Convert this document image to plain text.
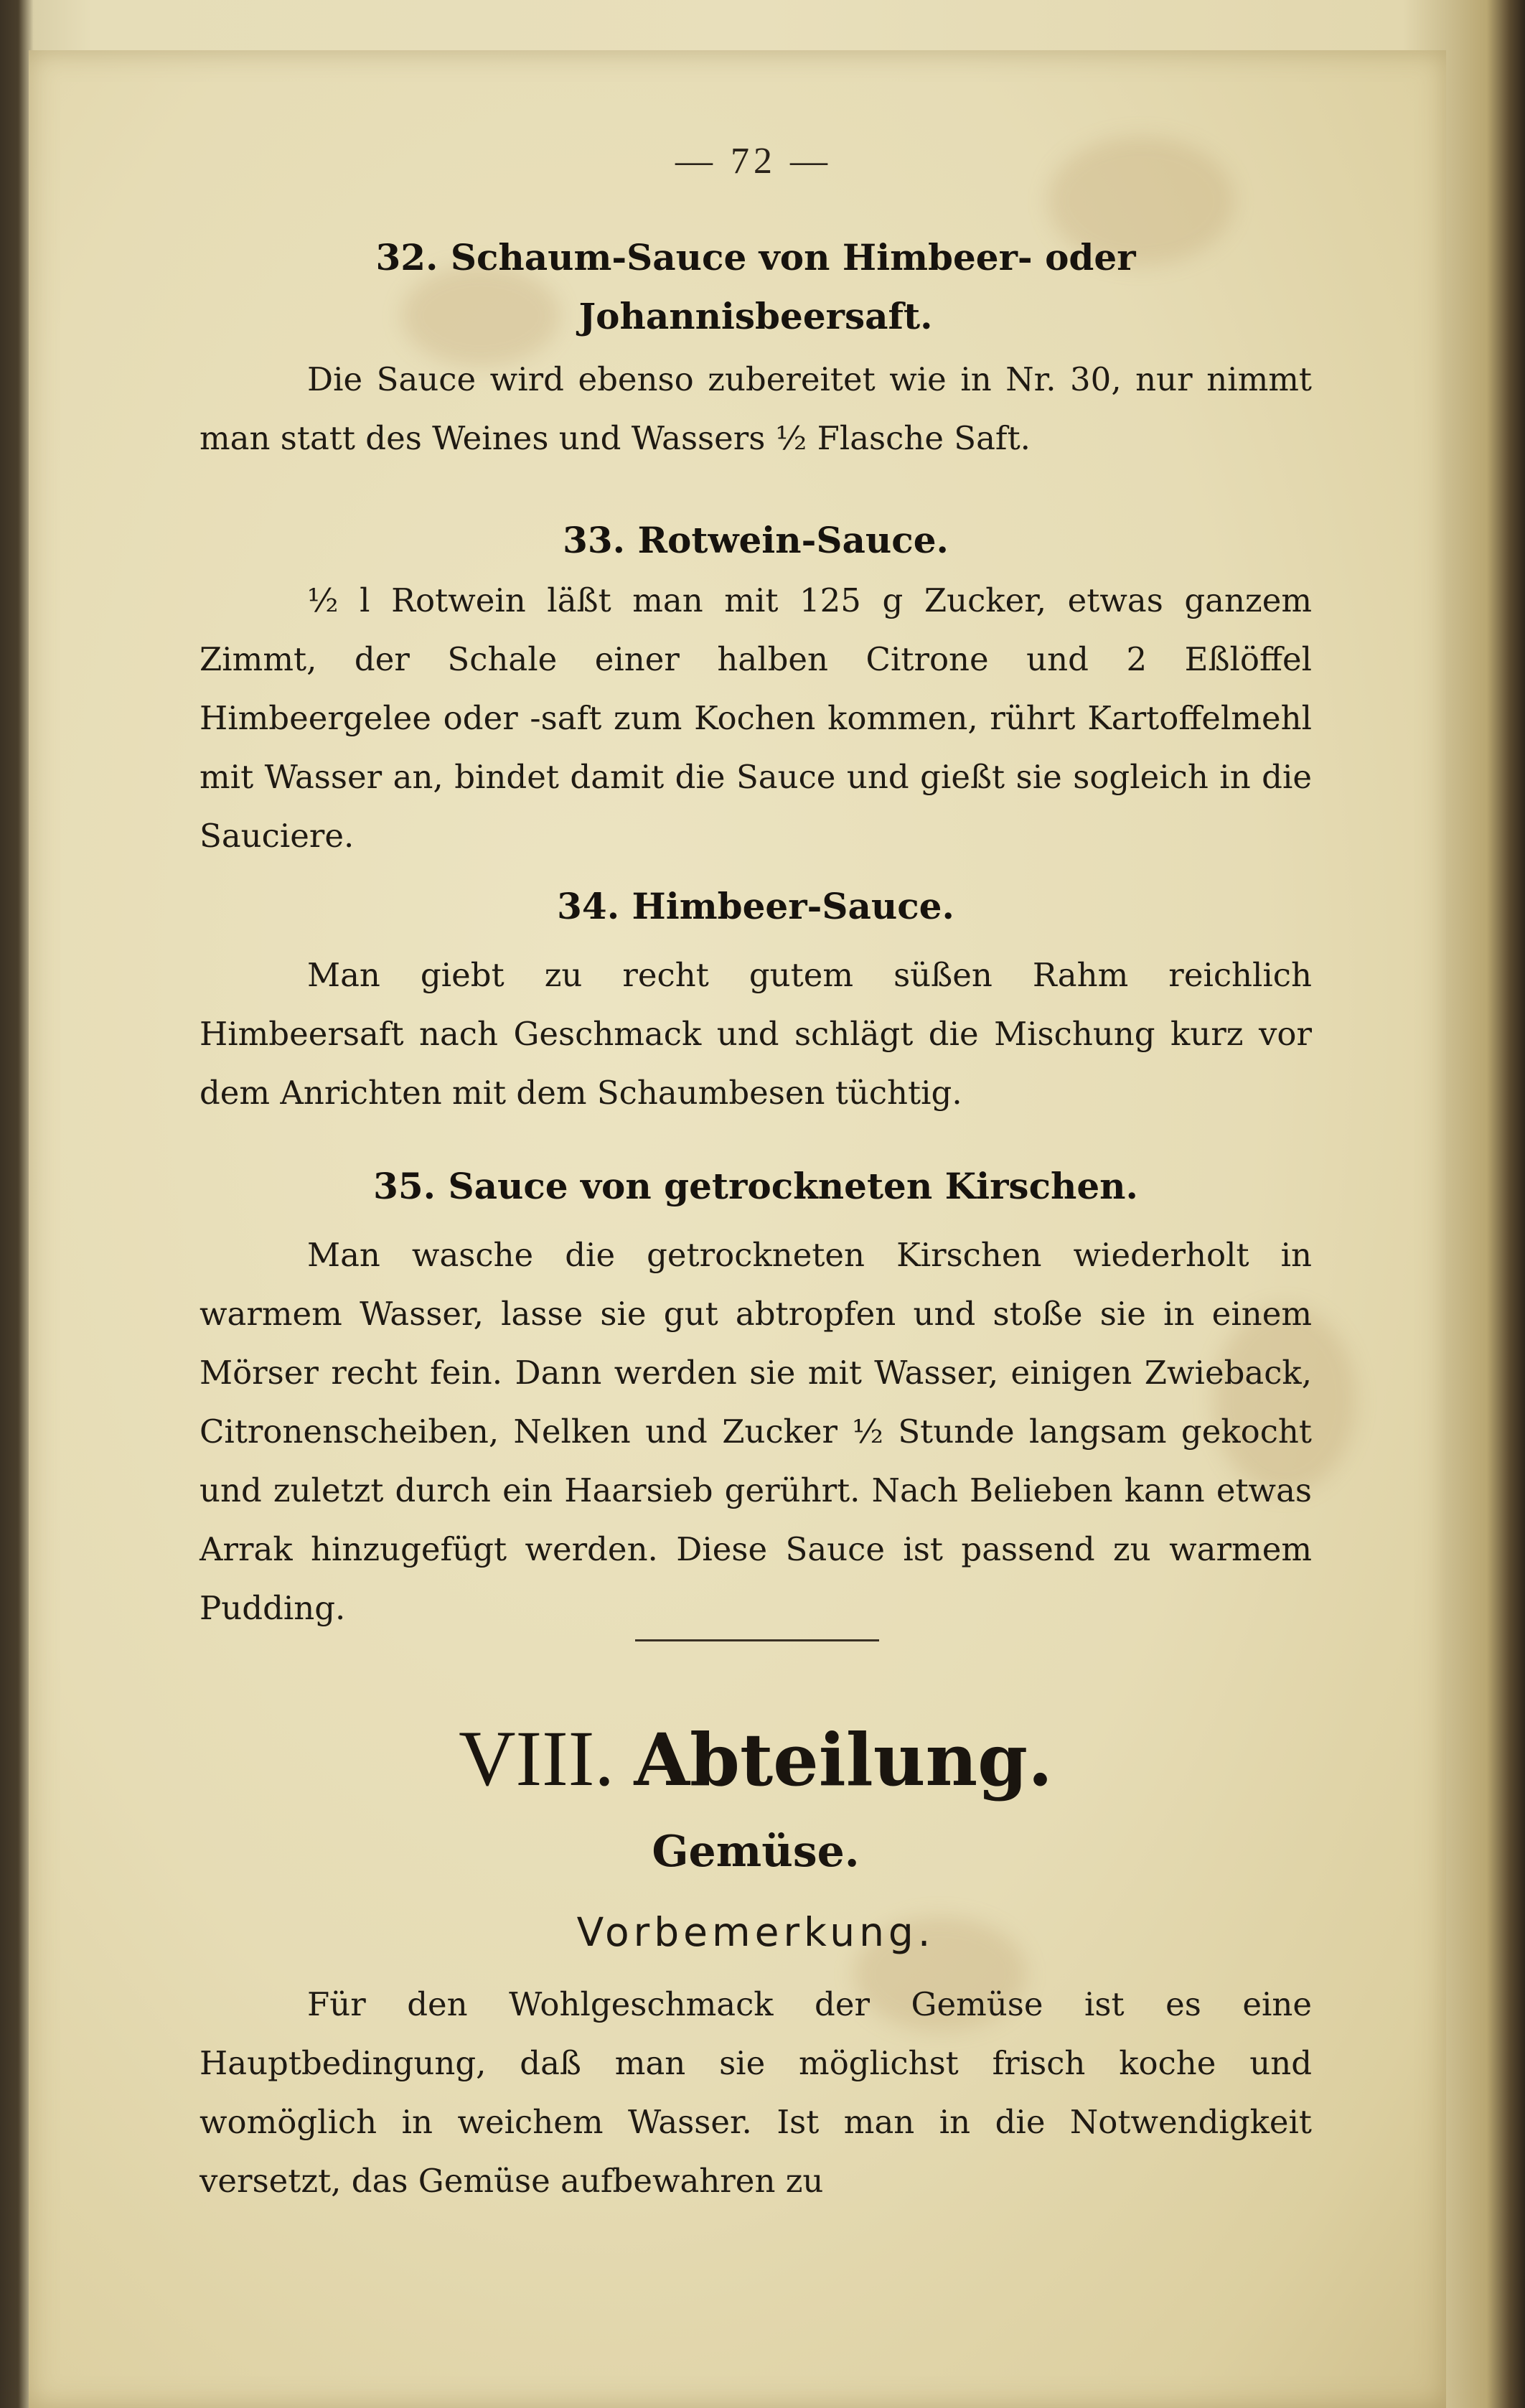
— 72 —
32. Schaum-Sauce von Himbeer- oder
Johannisbeersaft.
Die Sauce wird ebenso zubereitet wie in Nr. 30, nur nimmt man statt des Weines und Wassers ½ Flasche Saft.
33. Rotwein-Sauce.
½ l Rotwein läßt man mit 125 g Zucker, etwas ganzem Zimmt, der Schale einer halben Citrone und 2 Eßlöffel Himbeergelee oder -saft zum Kochen kommen, rührt Kartoffelmehl mit Wasser an, bindet damit die Sauce und gießt sie sogleich in die Sauciere.
34. Himbeer-Sauce.
Man giebt zu recht gutem süßen Rahm reichlich Himbeersaft nach Geschmack und schlägt die Mischung kurz vor dem Anrichten mit dem Schaumbesen tüchtig.
35. Sauce von getrockneten Kirschen.
Man wasche die getrockneten Kirschen wiederholt in warmem Wasser, lasse sie gut abtropfen und stoße sie in einem Mörser recht fein. Dann werden sie mit Wasser, einigen Zwieback, Citronenscheiben, Nelken und Zucker ½ Stunde langsam gekocht und zuletzt durch ein Haarsieb gerührt. Nach Belieben kann etwas Arrak hinzugefügt werden. Diese Sauce ist passend zu warmem Pudding.
VIII. Abteilung.
Gemüse.
Vorbemerkung.
Für den Wohlgeschmack der Gemüse ist es eine Hauptbedingung, daß man sie möglichst frisch koche und womöglich in weichem Wasser. Ist man in die Notwendigkeit versetzt, das Gemüse aufbewahren zu
